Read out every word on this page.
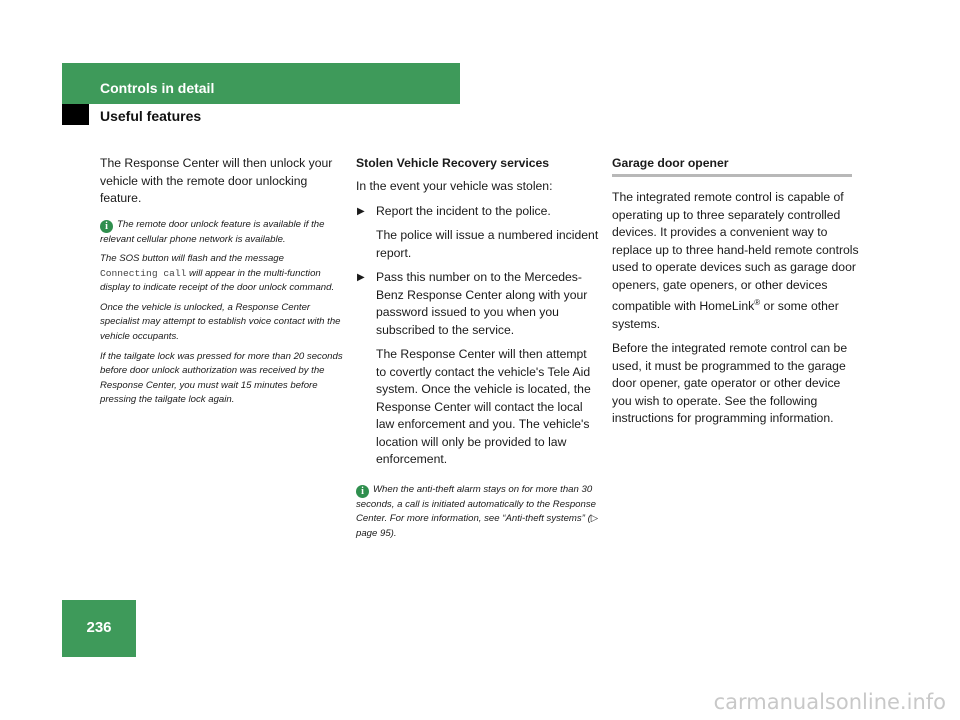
Controls in detail
Useful features

The Response Center will then unlock your vehicle with the remote door unlocking feature.

i The remote door unlock feature is available if the relevant cellular phone network is available.

The SOS button will flash and the message Connecting call will appear in the multi-function display to indicate receipt of the door unlock command.

Once the vehicle is unlocked, a Response Center specialist may attempt to establish voice contact with the vehicle occupants.

If the tailgate lock was pressed for more than 20 seconds before door unlock authorization was received by the Response Center, you must wait 15 minutes before pressing the tailgate lock again.

Stolen Vehicle Recovery services

In the event your vehicle was stolen:

▶ Report the incident to the police.

The police will issue a numbered incident report.

▶ Pass this number on to the Mercedes-Benz Response Center along with your password issued to you when you subscribed to the service.

The Response Center will then attempt to covertly contact the vehicle's Tele Aid system. Once the vehicle is located, the Response Center will contact the local law enforcement and you. The vehicle's location will only be provided to law enforcement.

i When the anti-theft alarm stays on for more than 30 seconds, a call is initiated automatically to the Response Center. For more information, see “Anti-theft systems” (▷ page 95).

Garage door opener

The integrated remote control is capable of operating up to three separately controlled devices. It provides a convenient way to replace up to three hand-held remote controls used to operate devices such as garage door openers, gate openers, or other devices compatible with HomeLink® or some other systems.

Before the integrated remote control can be used, it must be programmed to the garage door opener, gate operator or other device you wish to operate. See the following instructions for programming information.

236
carmanualsonline.info
